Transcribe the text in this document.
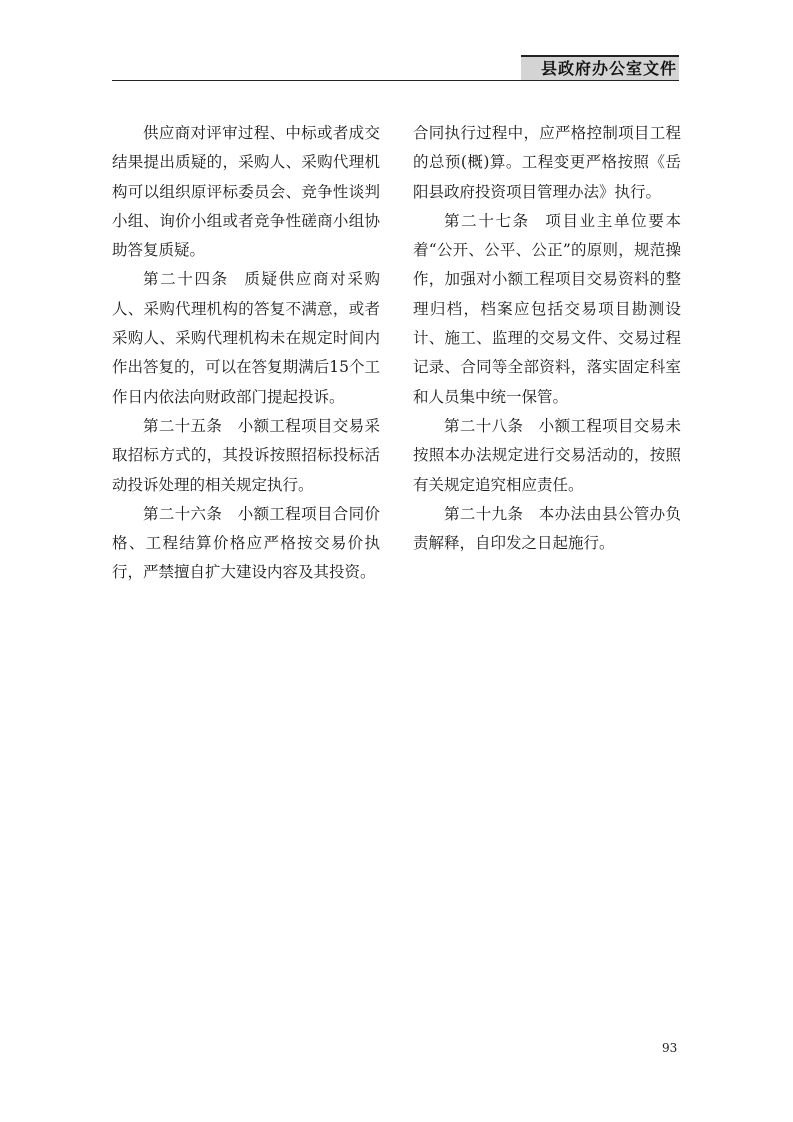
县政府办公室文件

供应商对评审过程、中标或者成交结果提出质疑的，采购人、采购代理机构可以组织原评标委员会、竞争性谈判小组、询价小组或者竞争性磋商小组协助答复质疑。

第二十四条 质疑供应商对采购人、采购代理机构的答复不满意，或者采购人、采购代理机构未在规定时间内作出答复的，可以在答复期满后15个工作日内依法向财政部门提起投诉。

第二十五条 小额工程项目交易采取招标方式的，其投诉按照招标投标活动投诉处理的相关规定执行。

第二十六条 小额工程项目合同价格、工程结算价格应严格按交易价执行，严禁擅自扩大建设内容及其投资。

合同执行过程中，应严格控制项目工程的总预(概)算。工程变更严格按照《岳阳县政府投资项目管理办法》执行。

第二十七条 项目业主单位要本着“公开、公平、公正”的原则，规范操作，加强对小额工程项目交易资料的整理归档，档案应包括交易项目勘测设计、施工、监理的交易文件、交易过程记录、合同等全部资料，落实固定科室和人员集中统一保管。

第二十八条 小额工程项目交易未按照本办法规定进行交易活动的，按照有关规定追究相应责任。

第二十九条 本办法由县公管办负责解释，自印发之日起施行。

93
